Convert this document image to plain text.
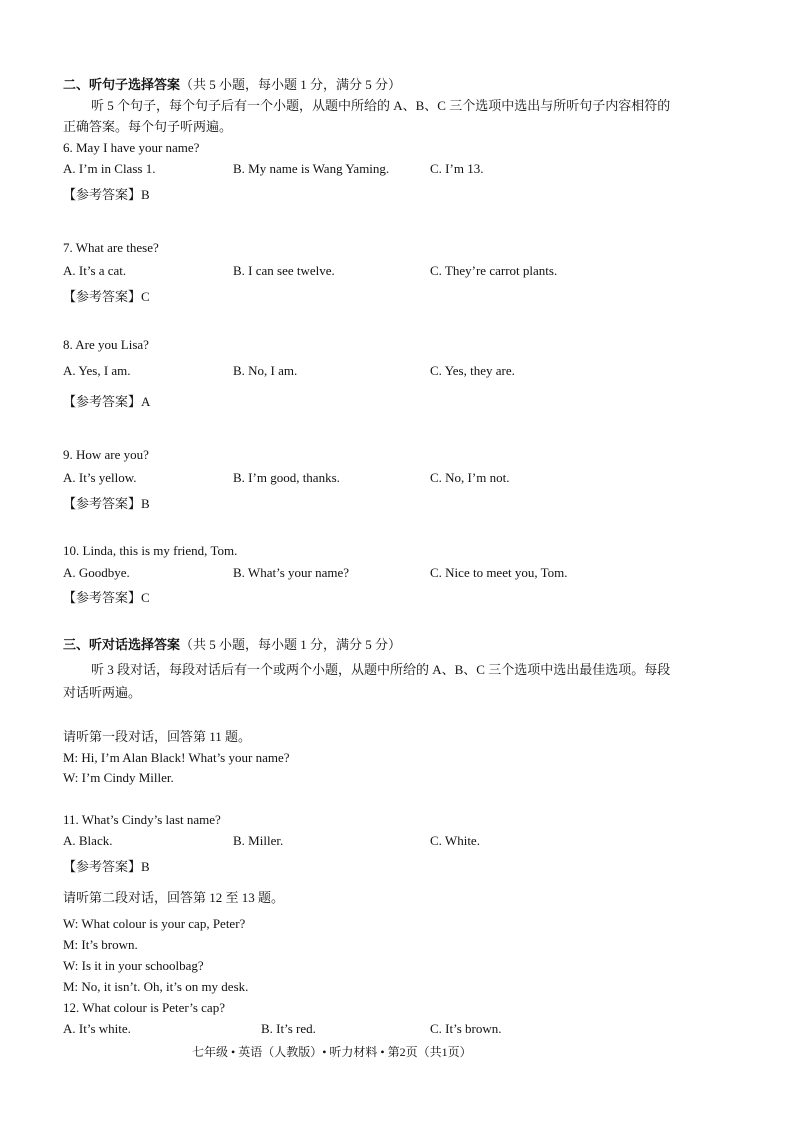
二、听句子选择答案（共 5 小题，每小题 1 分，满分 5 分）
听 5 个句子，每个句子后有一个小题，从题中所给的 A、B、C 三个选项中选出与所听句子内容相符的
正确答案。每个句子听两遍。
6. May I have your name?
A. I’m in Class 1.	B. My name is Wang Yaming.	C. I’m 13.
【参考答案】B
7. What are these?
A. It’s a cat.	B. I can see twelve.	C. They’re carrot plants.
【参考答案】C
8. Are you Lisa?
A. Yes, I am.	B. No, I am.	C. Yes, they are.
【参考答案】A
9. How are you?
A. It’s yellow.	B. I’m good, thanks.	C. No, I’m not.
【参考答案】B
10. Linda, this is my friend, Tom.
A. Goodbye.	B. What’s your name?	C. Nice to meet you, Tom.
【参考答案】C
三、听对话选择答案（共 5 小题，每小题 1 分，满分 5 分）
听 3 段对话，每段对话后有一个或两个小题，从题中所给的 A、B、C 三个选项中选出最佳选项。每段
对话听两遍。
请听第一段对话，回答第 11 题。
M: Hi, I’m Alan Black! What’s your name?
W: I’m Cindy Miller.
11. What’s Cindy’s last name?
A. Black.	B. Miller.	C. White.
【参考答案】B
请听第二段对话，回答第 12 至 13 题。
W: What colour is your cap, Peter?
M: It’s brown.
W: Is it in your schoolbag?
M: No, it isn’t. Oh, it’s on my desk.
12. What colour is Peter’s cap?
A. It’s white.	B. It’s red.	C. It’s brown.
七年级 • 英语（人教版）• 听力材料 • 第2页（共1页）
